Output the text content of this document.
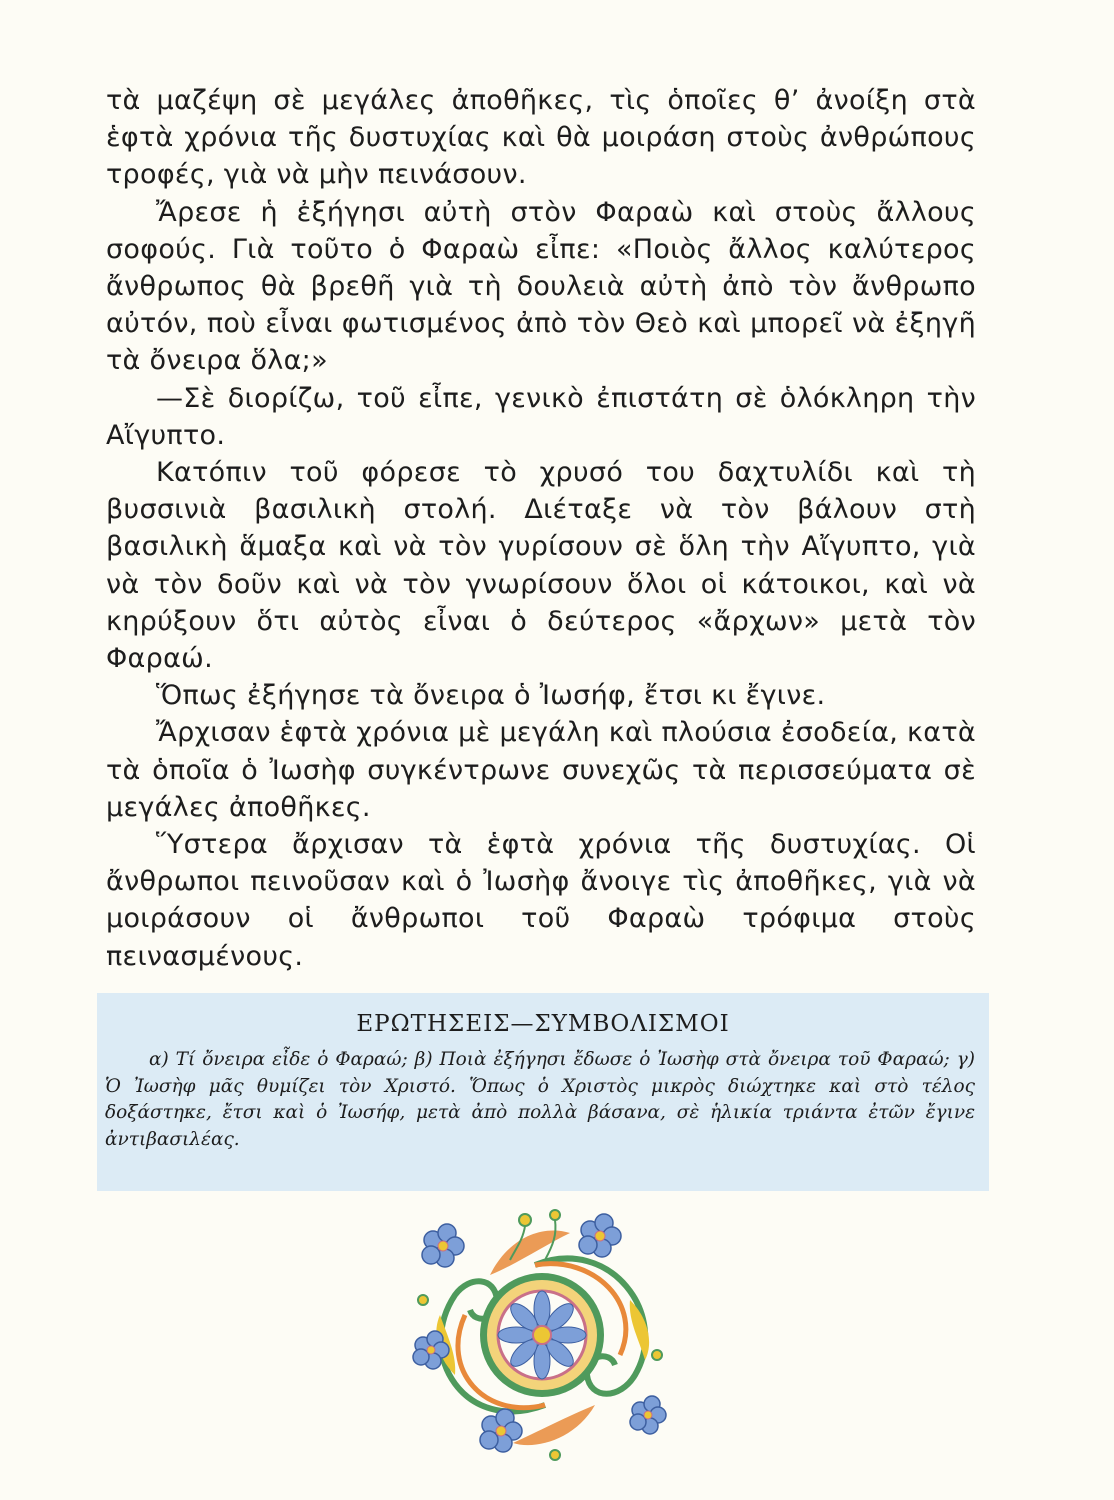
τὰ μαζέψη σὲ μεγάλες ἀποθῆκες, τὶς ὁποῖες θ’ ἀνοίξη στὰ ἑφτὰ χρόνια τῆς δυστυχίας καὶ θὰ μοιράση στοὺς ἀνθρώπους τροφές, γιὰ νὰ μὴν πεινάσουν.

Ἄρεσε ἡ ἐξήγησι αὐτὴ στὸν Φαραὼ καὶ στοὺς ἄλλους σοφούς. Γιὰ τοῦτο ὁ Φαραὼ εἶπε: «Ποιὸς ἄλλος καλύτερος ἄνθρωπος θὰ βρεθῆ γιὰ τὴ δουλειὰ αὐτὴ ἀπὸ τὸν ἄνθρωπο αὐτόν, ποὺ εἶναι φωτισμένος ἀπὸ τὸν Θεὸ καὶ μπορεῖ νὰ ἐξηγῆ τὰ ὄνειρα ὅλα;»

—Σὲ διορίζω, τοῦ εἶπε, γενικὸ ἐπιστάτη σὲ ὁλόκληρη τὴν Αἴγυπτο.

Κατόπιν τοῦ φόρεσε τὸ χρυσό του δαχτυλίδι καὶ τὴ βυσσινιὰ βασιλικὴ στολή. Διέταξε νὰ τὸν βάλουν στὴ βασιλικὴ ἅμαξα καὶ νὰ τὸν γυρίσουν σὲ ὅλη τὴν Αἴγυπτο, γιὰ νὰ τὸν δοῦν καὶ νὰ τὸν γνωρίσουν ὅλοι οἱ κάτοικοι, καὶ νὰ κηρύξουν ὅτι αὐτὸς εἶναι ὁ δεύτερος «ἄρχων» μετὰ τὸν Φαραώ.

Ὅπως ἐξήγησε τὰ ὄνειρα ὁ Ἰωσήφ, ἔτσι κι ἔγινε.

Ἄρχισαν ἑφτὰ χρόνια μὲ μεγάλη καὶ πλούσια ἐσοδεία, κατὰ τὰ ὁποῖα ὁ Ἰωσὴφ συγκέντρωνε συνεχῶς τὰ περισσεύματα σὲ μεγάλες ἀποθῆκες.

Ὕστερα ἄρχισαν τὰ ἑφτὰ χρόνια τῆς δυστυχίας. Οἱ ἄνθρωποι πεινοῦσαν καὶ ὁ Ἰωσὴφ ἄνοιγε τὶς ἀποθῆκες, γιὰ νὰ μοιράσουν οἱ ἄνθρωποι τοῦ Φαραὼ τρόφιμα στοὺς πεινασμένους.

ΕΡΩΤΗΣΕΙΣ—ΣΥΜΒΟΛΙΣΜΟΙ

α) Τί ὄνειρα εἶδε ὁ Φαραώ; β) Ποιὰ ἐξήγησι ἔδωσε ὁ Ἰωσὴφ στὰ ὄνειρα τοῦ Φαραώ; γ) Ὁ Ἰωσὴφ μᾶς θυμίζει τὸν Χριστό. Ὅπως ὁ Χριστὸς μικρὸς διώχτηκε καὶ στὸ τέλος δοξάστηκε, ἔτσι καὶ ὁ Ἰωσήφ, μετὰ ἀπὸ πολλὰ βάσανα, σὲ ἡλικία τριάντα ἐτῶν ἔγινε ἀντιβασιλέας.
